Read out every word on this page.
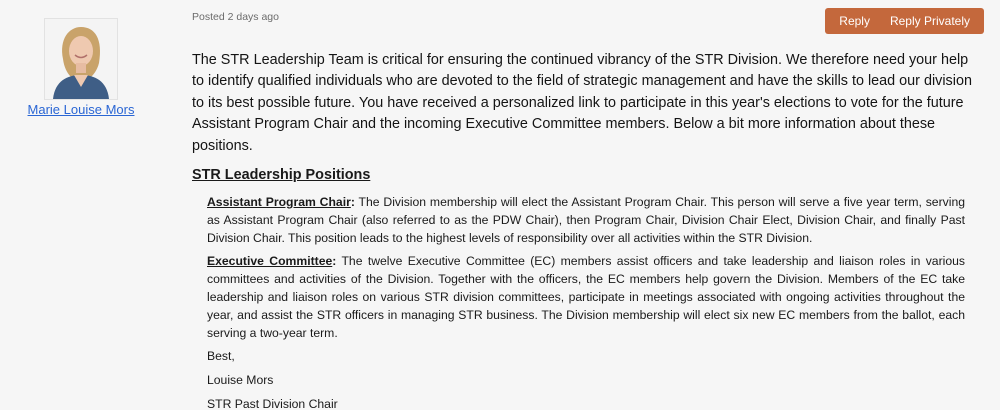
Marie Louise Mors
Posted 2 days ago	Reply	Reply Privately

The STR Leadership Team is critical for ensuring the continued vibrancy of the STR Division. We therefore need your help to identify qualified individuals who are devoted to the field of strategic management and have the skills to lead our division to its best possible future. You have received a personalized link to participate in this year's elections to vote for the future Assistant Program Chair and the incoming Executive Committee members. Below a bit more information about these positions.

STR Leadership Positions

Assistant Program Chair: The Division membership will elect the Assistant Program Chair. This person will serve a five year term, serving as Assistant Program Chair (also referred to as the PDW Chair), then Program Chair, Division Chair Elect, Division Chair, and finally Past Division Chair. This position leads to the highest levels of responsibility over all activities within the STR Division.

Executive Committee: The twelve Executive Committee (EC) members assist officers and take leadership and liaison roles in various committees and activities of the Division. Together with the officers, the EC members help govern the Division. Members of the EC take leadership and liaison roles on various STR division committees, participate in meetings associated with ongoing activities throughout the year, and assist the STR officers in managing STR business. The Division membership will elect six new EC members from the ballot, each serving a two-year term.

Best,

Louise Mors

STR Past Division Chair
